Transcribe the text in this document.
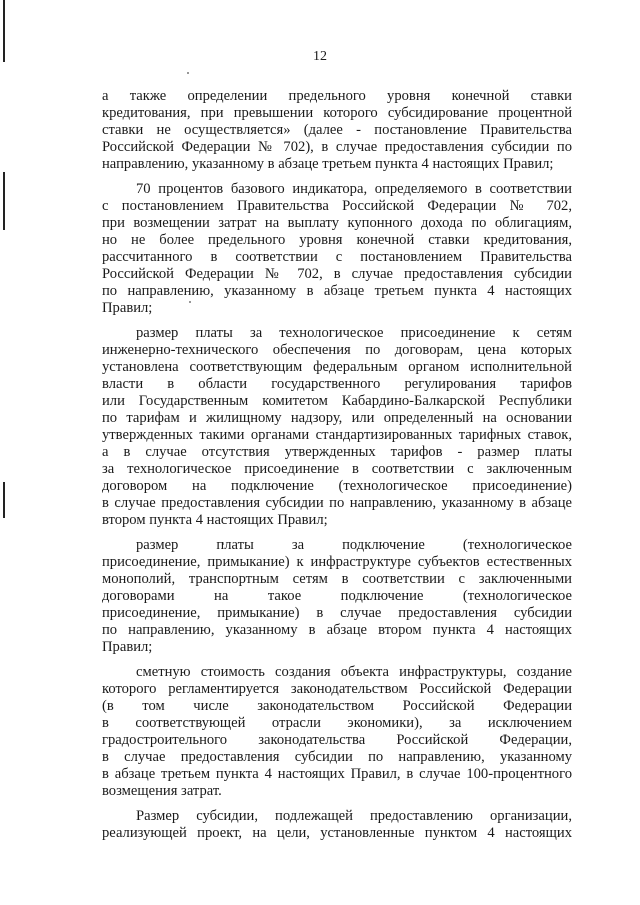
12
а также определении предельного уровня конечной ставки
кредитования, при превышении которого субсидирование процентной
ставки не осуществляется» (далее - постановление Правительства
Российской Федерации № 702), в случае предоставления субсидии по
направлению, указанному в абзаце третьем пункта 4 настоящих Правил;
70 процентов базового индикатора, определяемого в соответствии
с постановлением Правительства Российской Федерации № 702,
при возмещении затрат на выплату купонного дохода по облигациям,
но не более предельного уровня конечной ставки кредитования,
рассчитанного в соответствии с постановлением Правительства
Российской Федерации № 702, в случае предоставления субсидии
по направлению, указанному в абзаце третьем пункта 4 настоящих
Правил;
размер платы за технологическое присоединение к сетям
инженерно-технического обеспечения по договорам, цена которых
установлена соответствующим федеральным органом исполнительной
власти в области государственного регулирования тарифов
или Государственным комитетом Кабардино-Балкарской Республики
по тарифам и жилищному надзору, или определенный на основании
утвержденных такими органами стандартизированных тарифных ставок,
а в случае отсутствия утвержденных тарифов - размер платы
за технологическое присоединение в соответствии с заключенным
договором на подключение (технологическое присоединение)
в случае предоставления субсидии по направлению, указанному в абзаце
втором пункта 4 настоящих Правил;
размер платы за подключение (технологическое
присоединение, примыкание) к инфраструктуре субъектов естественных
монополий, транспортным сетям в соответствии с заключенными
договорами на такое подключение (технологическое
присоединение, примыкание) в случае предоставления субсидии
по направлению, указанному в абзаце втором пункта 4 настоящих
Правил;
сметную стоимость создания объекта инфраструктуры, создание
которого регламентируется законодательством Российской Федерации
(в том числе законодательством Российской Федерации
в соответствующей отрасли экономики), за исключением
градостроительного законодательства Российской Федерации,
в случае предоставления субсидии по направлению, указанному
в абзаце третьем пункта 4 настоящих Правил, в случае 100-процентного
возмещения затрат.
Размер субсидии, подлежащей предоставлению организации,
реализующей проект, на цели, установленные пунктом 4 настоящих
